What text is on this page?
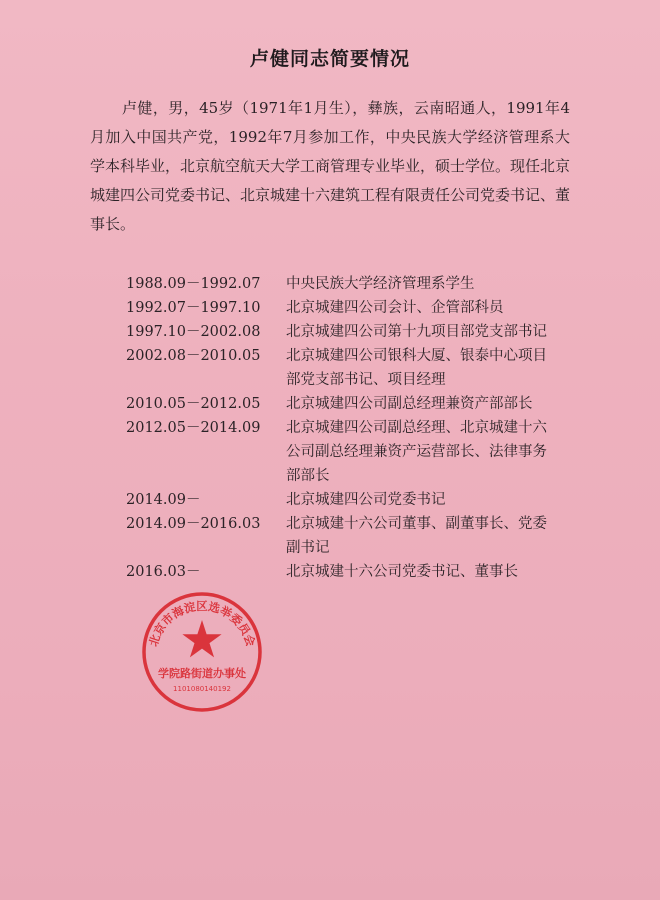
卢健同志简要情况
卢健，男，45岁（1971年1月生），彝族，云南昭通人，1991年4月加入中国共产党，1992年7月参加工作，中央民族大学经济管理系大学本科毕业，北京航空航天大学工商管理专业毕业，硕士学位。现任北京城建四公司党委书记、北京城建十六建筑工程有限责任公司党委书记、董事长。
1988.09－1992.07	中央民族大学经济管理系学生
1992.07－1997.10	北京城建四公司会计、企管部科员
1997.10－2002.08	北京城建四公司第十九项目部党支部书记
2002.08－2010.05	北京城建四公司银科大厦、银泰中心项目部党支部书记、项目经理
2010.05－2012.05	北京城建四公司副总经理兼资产部部长
2012.05－2014.09	北京城建四公司副总经理、北京城建十六公司副总经理兼资产运营部长、法律事务部部长
2014.09－	北京城建四公司党委书记
2014.09－2016.03	北京城建十六公司董事、副董事长、党委副书记
2016.03－	北京城建十六公司党委书记、董事长
北京市海淀区选举委员会
学院路街道办事处
1101080140192
